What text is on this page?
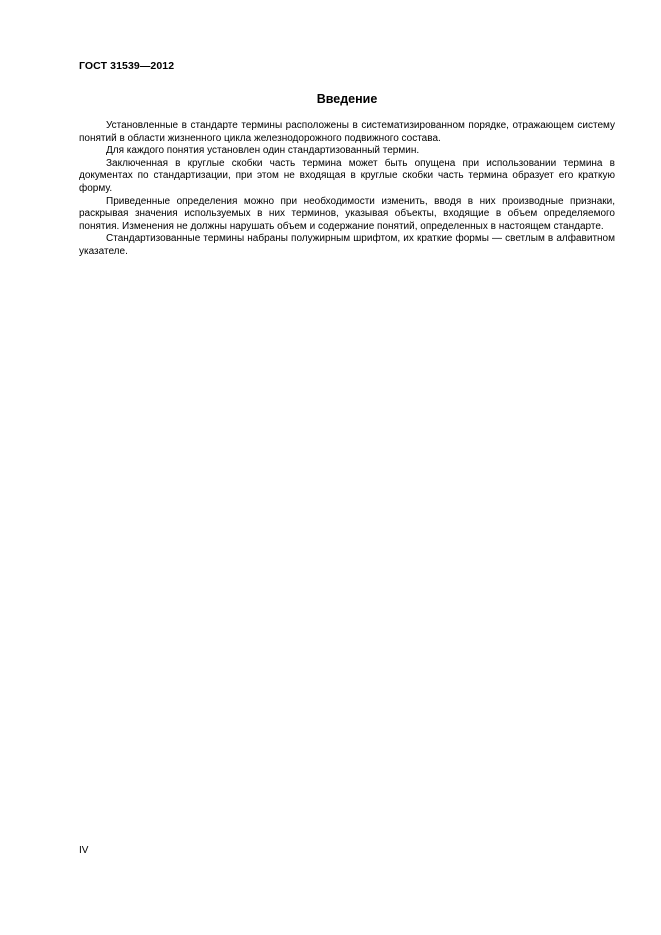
ГОСТ 31539—2012
Введение

Установленные в стандарте термины расположены в систематизированном порядке, отражающем систему понятий в области жизненного цикла железнодорожного подвижного состава.

Для каждого понятия установлен один стандартизованный термин.

Заключенная в круглые скобки часть термина может быть опущена при использовании термина в документах по стандартизации, при этом не входящая в круглые скобки часть термина образует его краткую форму.

Приведенные определения можно при необходимости изменить, вводя в них производные признаки, раскрывая значения используемых в них терминов, указывая объекты, входящие в объем определяемого понятия. Изменения не должны нарушать объем и содержание понятий, определенных в настоящем стандарте.

Стандартизованные термины набраны полужирным шрифтом, их краткие формы — светлым в алфавитном указателе.

IV
